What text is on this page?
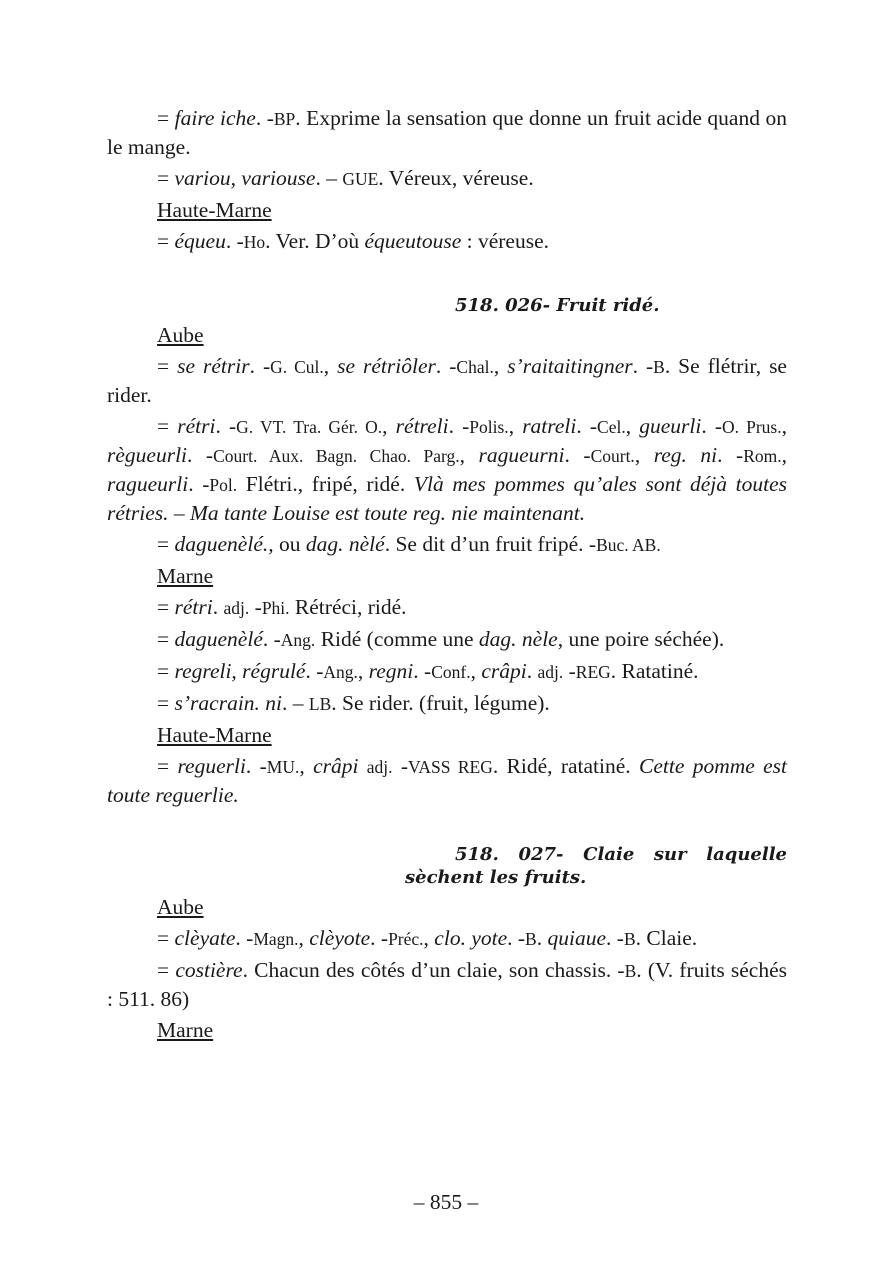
= faire iche. -BP. Exprime la sensation que donne un fruit acide quand on le mange.

= variou, variouse. – GUE. Véreux, véreuse.

Haute-Marne

= équeu. -Ho. Ver. D’où équeutouse : véreuse.

518. 026- Fruit ridé.
Aube

= se rétrir. -G. Cul., se rétriôler. -Chal., s’raitaitingner. -B. Se flétrir, se rider.

= rétri. -G. VT. Tra. Gér. O., rétreli. -Polis., ratreli. -Cel., gueurli. -O. Prus., règueurli. -Court. Aux. Bagn. Chao. Parg., ragueurni. -Court., reg. ni. -Rom., ragueurli. -Pol. Flétri., fripé, ridé. Vlà mes pommes qu’ales sont déjà toutes rétries. – Ma tante Louise est toute reg. nie maintenant.

= daguenèlé., ou dag. nèlé. Se dit d’un fruit fripé. -Buc. AB.

Marne

= rétri. adj. -Phi. Rétréci, ridé.

= daguenèlé. -Ang. Ridé (comme une dag. nèle, une poire séchée).

= regreli, régrulé. -Ang., regni. -Conf., crâpi. adj. -REG. Ratatiné.

= s’racrain. ni. – LB. Se rider. (fruit, légume).

Haute-Marne

= reguerli. -MU., crâpi adj. -VASS REG. Ridé, ratatiné. Cette pomme est toute reguerlie.

518. 027- Claie sur laquelle
sèchent les fruits.
Aube

= clèyate. -Magn., clèyote. -Préc., clo. yote. -B. quiaue. -B. Claie.

= costière. Chacun des côtés d’un claie, son chassis. -B. (V. fruits séchés : 511. 86)

Marne
– 855 –
